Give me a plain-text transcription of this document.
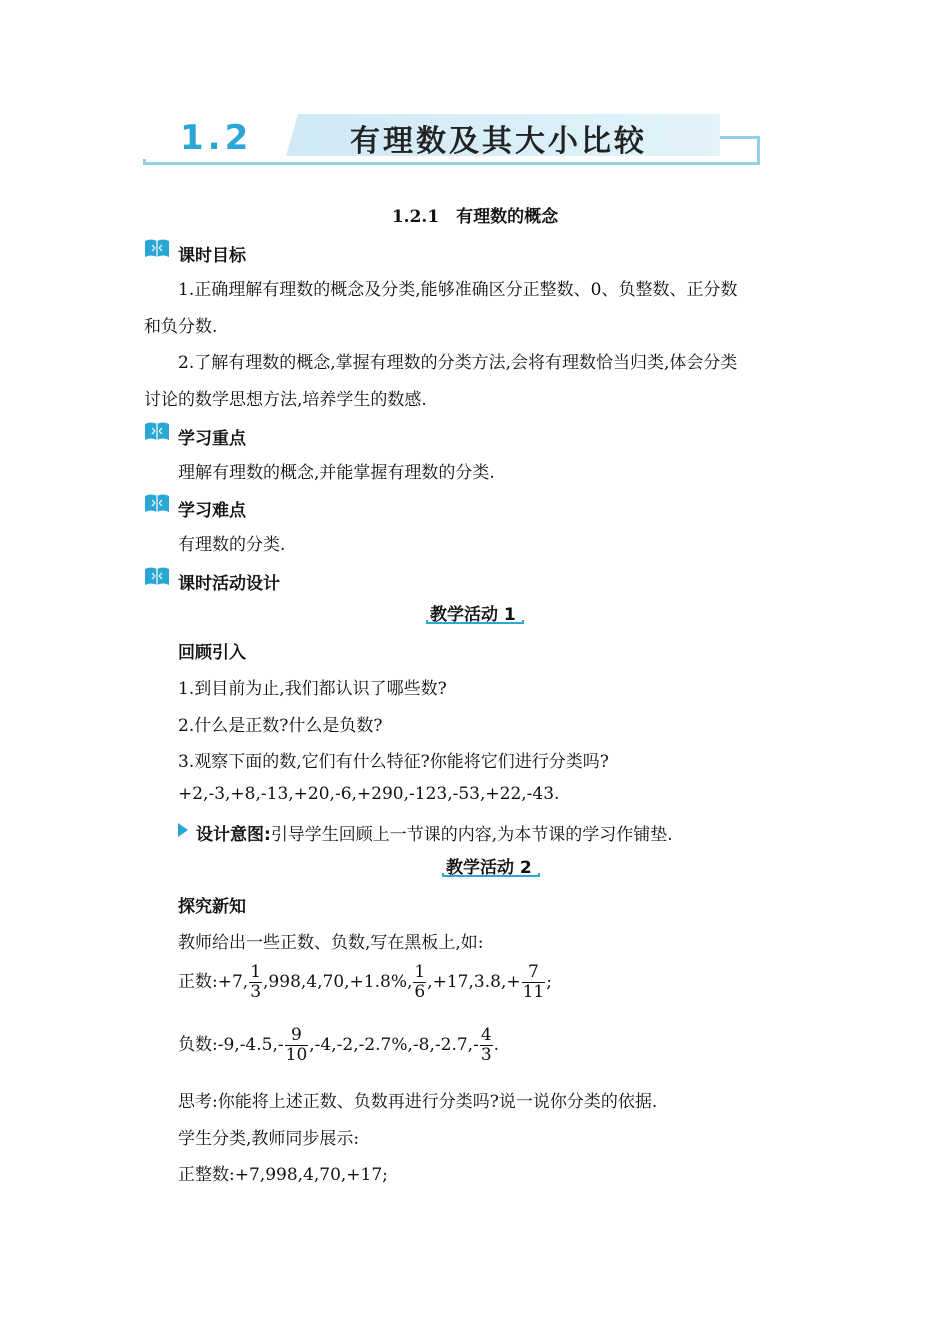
1.2	有理数及其大小比较
1.2.1　有理数的概念
课时目标
1.正确理解有理数的概念及分类,能够准确区分正整数、0、负整数、正分数
和负分数.
2.了解有理数的概念,掌握有理数的分类方法,会将有理数恰当归类,体会分类
讨论的数学思想方法,培养学生的数感.
学习重点
理解有理数的概念,并能掌握有理数的分类.
学习难点
有理数的分类.
课时活动设计
教学活动 1
回顾引入
1.到目前为止,我们都认识了哪些数?
2.什么是正数?什么是负数?
3.观察下面的数,它们有什么特征?你能将它们进行分类吗?
+2,-3,+8,-13,+20,-6,+290,-123,-53,+22,-43.
设计意图:引导学生回顾上一节课的内容,为本节课的学习作铺垫.
教学活动 2
探究新知
教师给出一些正数、负数,写在黑板上,如:
正数:+7, $\frac{1}{3} ,998,4,70,+1.8\%$, $\frac{1}{6} ,+17,3.8,+ \frac{7}{11}$ ;
负数:-9,-4.5,- $\frac{9}{10} ,-4,-2,-2.7\%,-8,-2.7,- \frac{4}{3}$ .
思考:你能将上述正数、负数再进行分类吗?说一说你分类的依据.
学生分类,教师同步展示:
正整数:+7,998,4,70,+17;
